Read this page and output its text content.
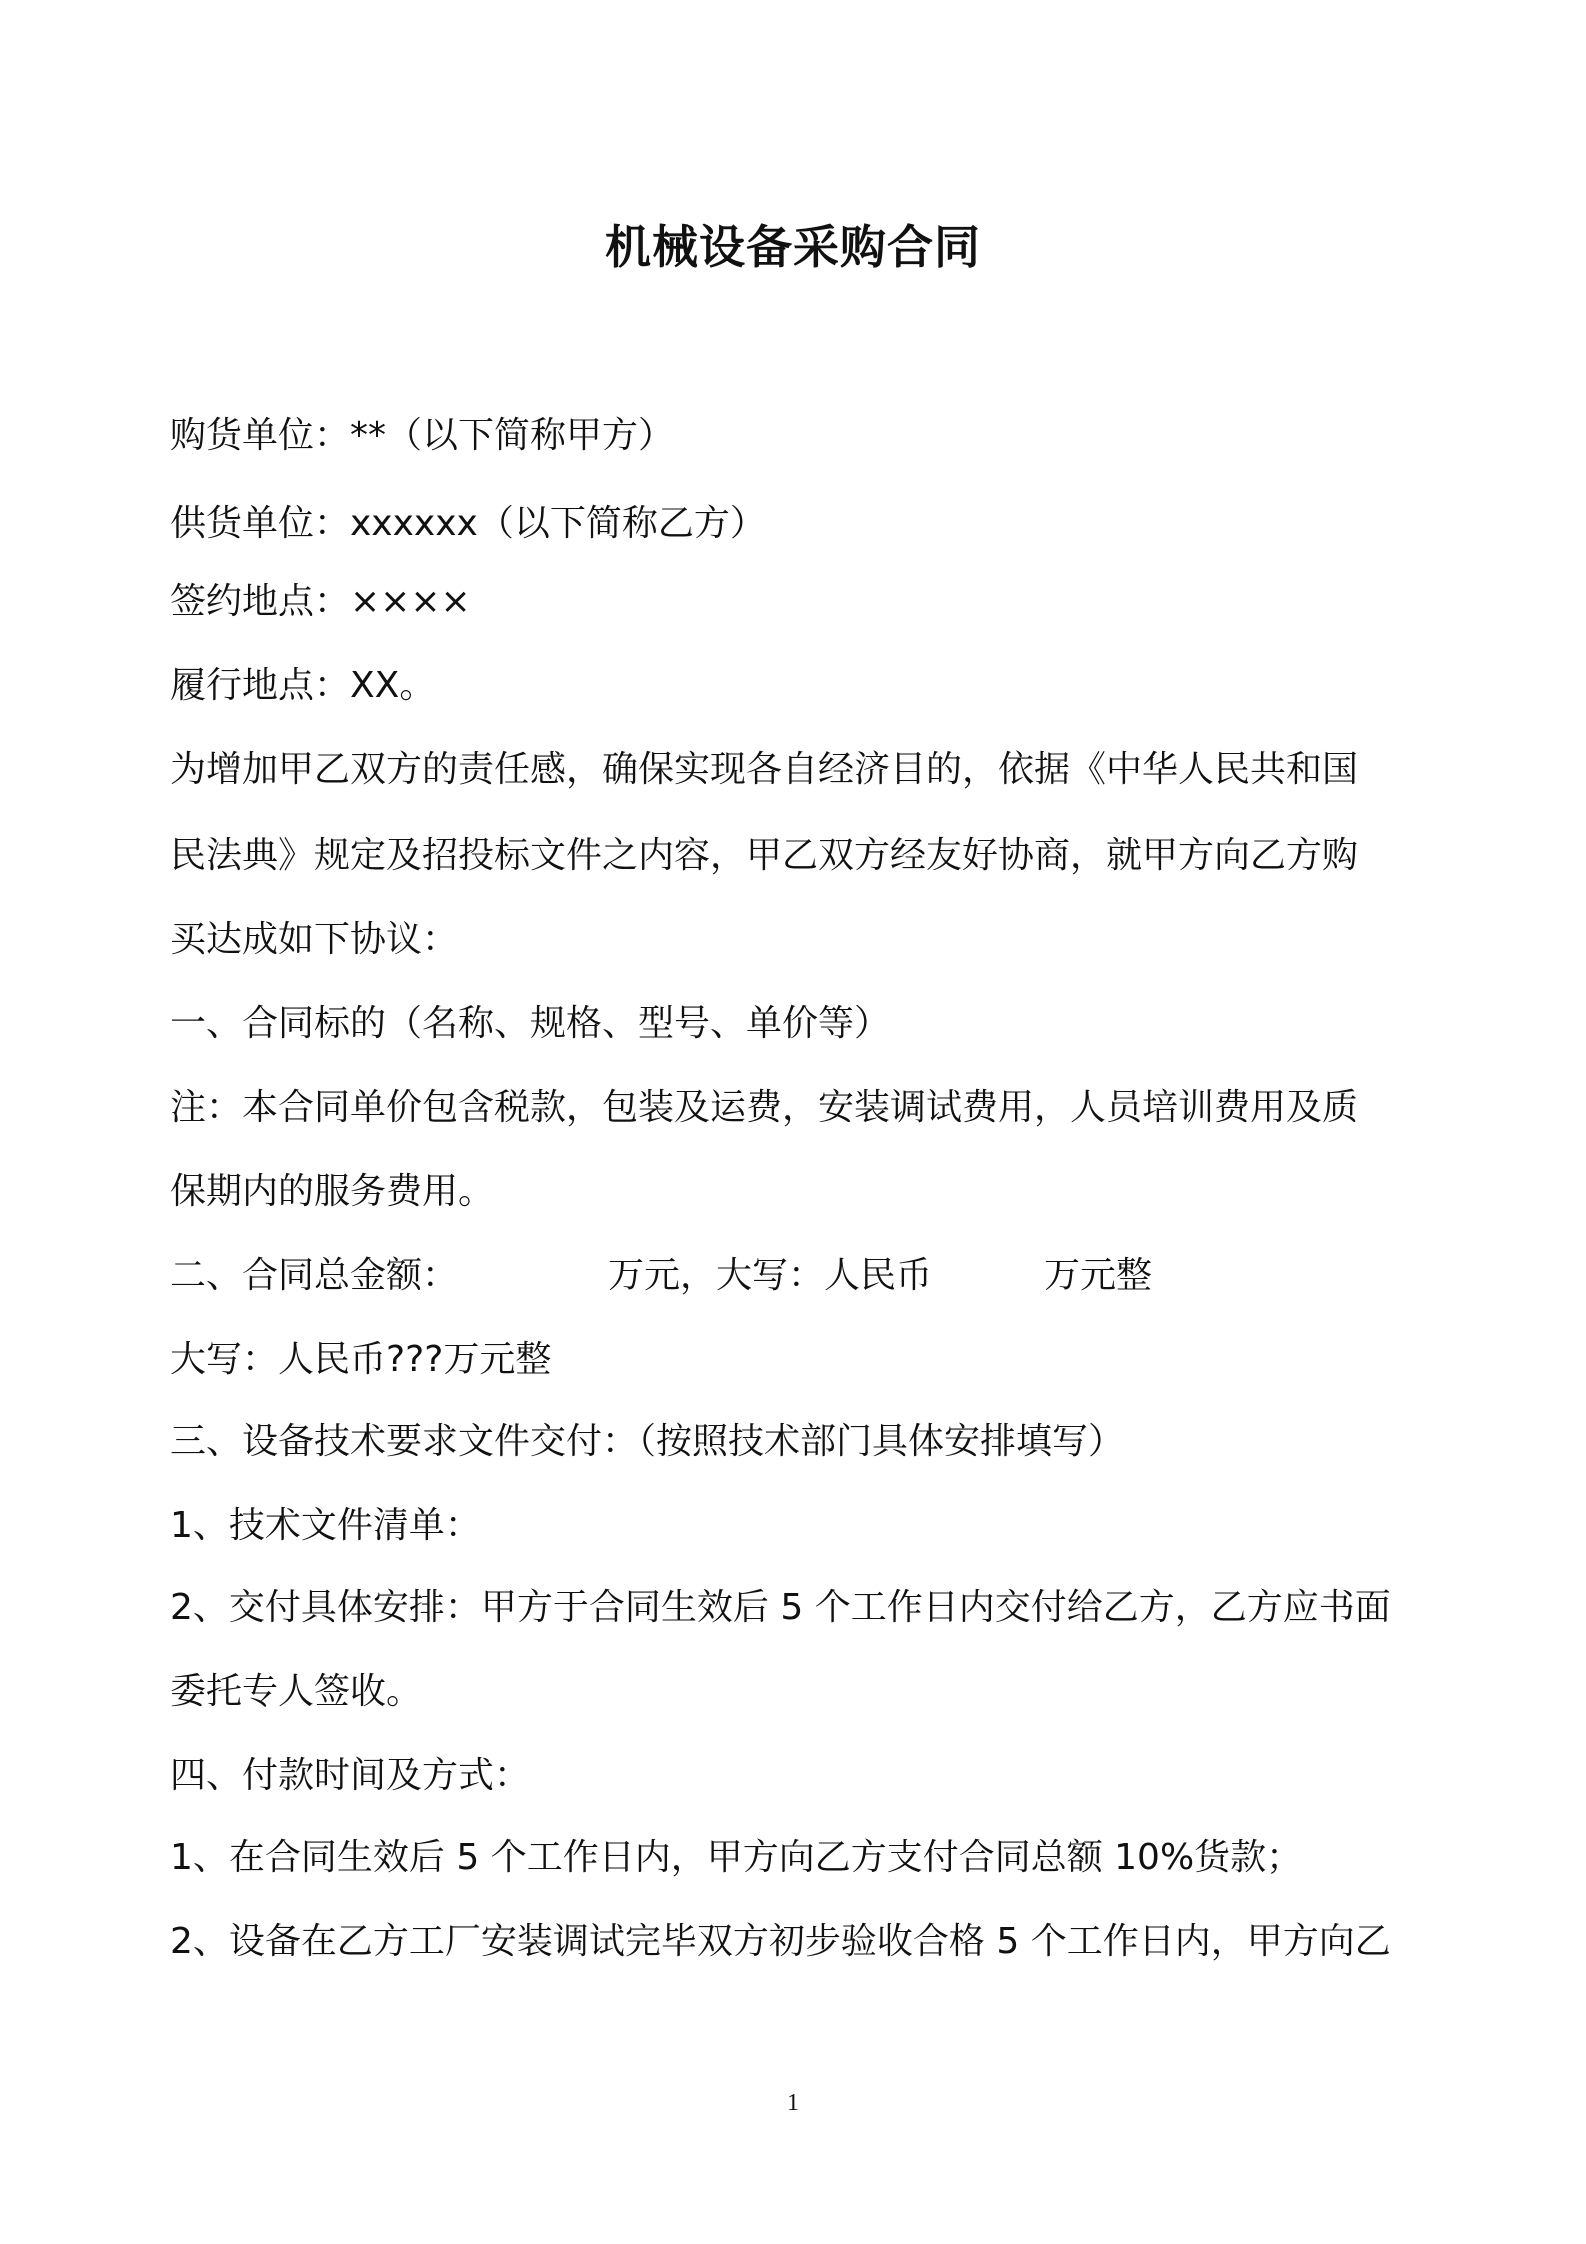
机械设备采购合同
购货单位：**（以下简称甲方）
供货单位：xxxxxx（以下简称乙方）
签约地点：××××
履行地点：XX。
为增加甲乙双方的责任感，确保实现各自经济目的，依据《中华人民共和国
民法典》规定及招投标文件之内容，甲乙双方经友好协商，就甲方向乙方购
买达成如下协议：
一、合同标的（名称、规格、型号、单价等）
注：本合同单价包含税款，包装及运费，安装调试费用，人员培训费用及质
保期内的服务费用。
二、合同总金额：	万元，大写：人民币	万元整
大写：人民币???万元整
三、设备技术要求文件交付：（按照技术部门具体安排填写）
1、技术文件清单：
2、交付具体安排：甲方于合同生效后 5 个工作日内交付给乙方，乙方应书面
委托专人签收。
四、付款时间及方式：
1、在合同生效后 5 个工作日内，甲方向乙方支付合同总额 10%货款；
2、设备在乙方工厂安装调试完毕双方初步验收合格 5 个工作日内，甲方向乙
1
